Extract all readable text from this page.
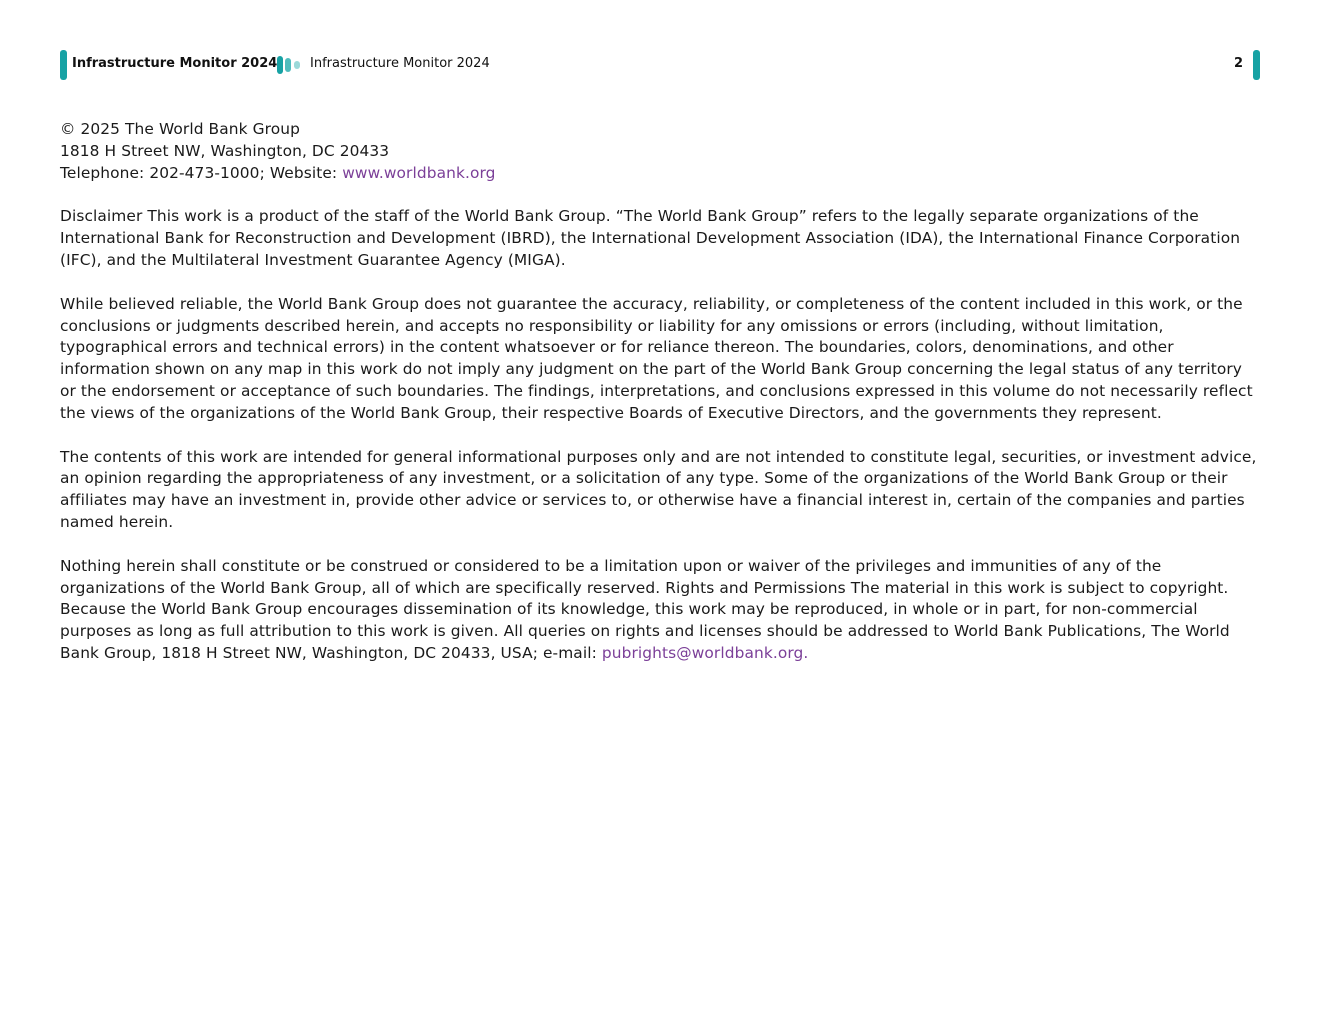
Infrastructure Monitor 2024	Infrastructure Monitor 2024	2

© 2025 The World Bank Group
1818 H Street NW, Washington, DC 20433
Telephone: 202-473-1000; Website: www.worldbank.org

Disclaimer This work is a product of the staff of the World Bank Group. “The World Bank Group” refers to the legally separate organizations of the International Bank for Reconstruction and Development (IBRD), the International Development Association (IDA), the International Finance Corporation (IFC), and the Multilateral Investment Guarantee Agency (MIGA).

While believed reliable, the World Bank Group does not guarantee the accuracy, reliability, or completeness of the content included in this work, or the conclusions or judgments described herein, and accepts no responsibility or liability for any omissions or errors (including, without limitation, typographical errors and technical errors) in the content whatsoever or for reliance thereon. The boundaries, colors, denominations, and other information shown on any map in this work do not imply any judgment on the part of the World Bank Group concerning the legal status of any territory or the endorsement or acceptance of such boundaries. The findings, interpretations, and conclusions expressed in this volume do not necessarily reflect the views of the organizations of the World Bank Group, their respective Boards of Executive Directors, and the governments they represent.

The contents of this work are intended for general informational purposes only and are not intended to constitute legal, securities, or investment advice, an opinion regarding the appropriateness of any investment, or a solicitation of any type. Some of the organizations of the World Bank Group or their affiliates may have an investment in, provide other advice or services to, or otherwise have a financial interest in, certain of the companies and parties named herein.

Nothing herein shall constitute or be construed or considered to be a limitation upon or waiver of the privileges and immunities of any of the organizations of the World Bank Group, all of which are specifically reserved. Rights and Permissions The material in this work is subject to copyright. Because the World Bank Group encourages dissemination of its knowledge, this work may be reproduced, in whole or in part, for non-commercial purposes as long as full attribution to this work is given. All queries on rights and licenses should be addressed to World Bank Publications, The World Bank Group, 1818 H Street NW, Washington, DC 20433, USA; e-mail: pubrights@worldbank.org.
